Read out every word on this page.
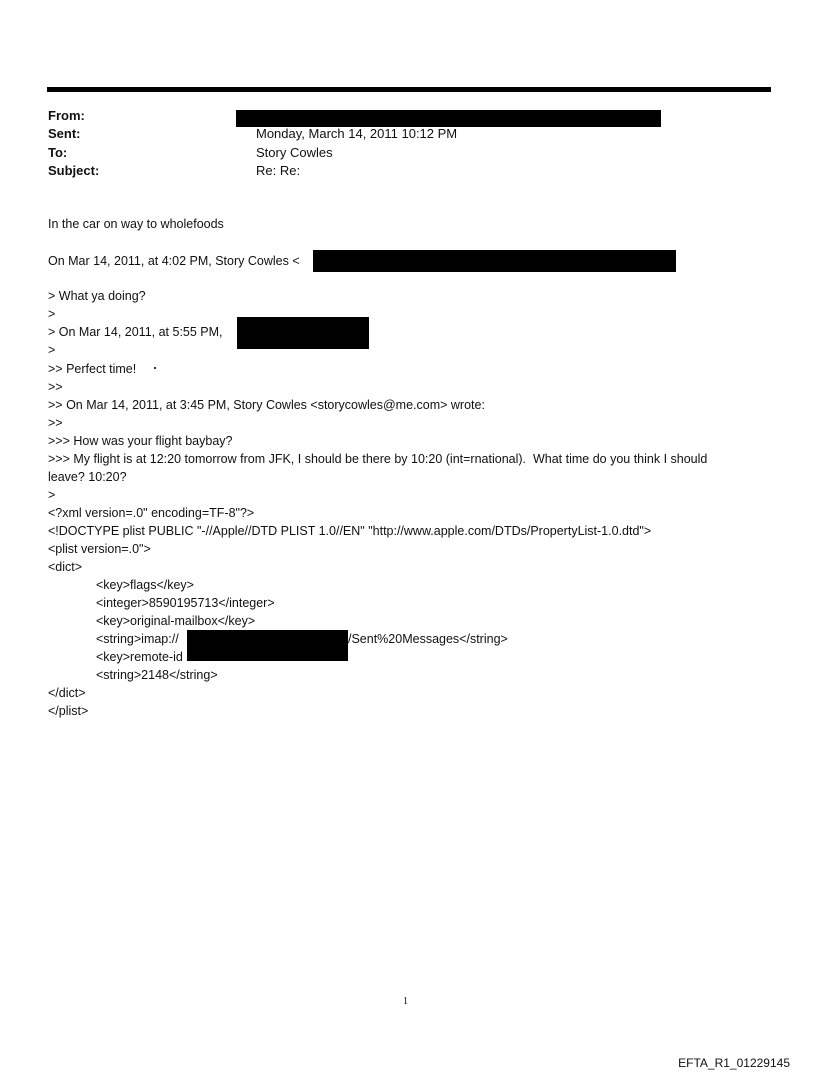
From:
Sent:	Monday, March 14, 2011 10:12 PM
To:	Story Cowles
Subject:	Re: Re:
In the car on way to wholefoods
On Mar 14, 2011, at 4:02 PM, Story Cowles <
> What ya doing?
>
> On Mar 14, 2011, at 5:55 PM,
>
>> Perfect time!
>>
>> On Mar 14, 2011, at 3:45 PM, Story Cowles <storycowles@me.com> wrote:
>>
>>> How was your flight baybay?
>>> My flight is at 12:20 tomorrow from JFK, I should be there by 10:20 (int=rnational).  What time do you think I should
leave? 10:20?
>
<?xml version=.0" encoding=TF-8"?>
<!DOCTYPE plist PUBLIC "-//Apple//DTD PLIST 1.0//EN" "http://www.apple.com/DTDs/PropertyList-1.0.dtd">
<plist version=.0">
<dict>
<key>flags</key>
<integer>8590195713</integer>
<key>original-mailbox</key>
<string>imap://	/Sent%20Messages</string>
<key>remote-id
<string>2148</string>
</dict>
</plist>
1
EFTA_R1_01229145
